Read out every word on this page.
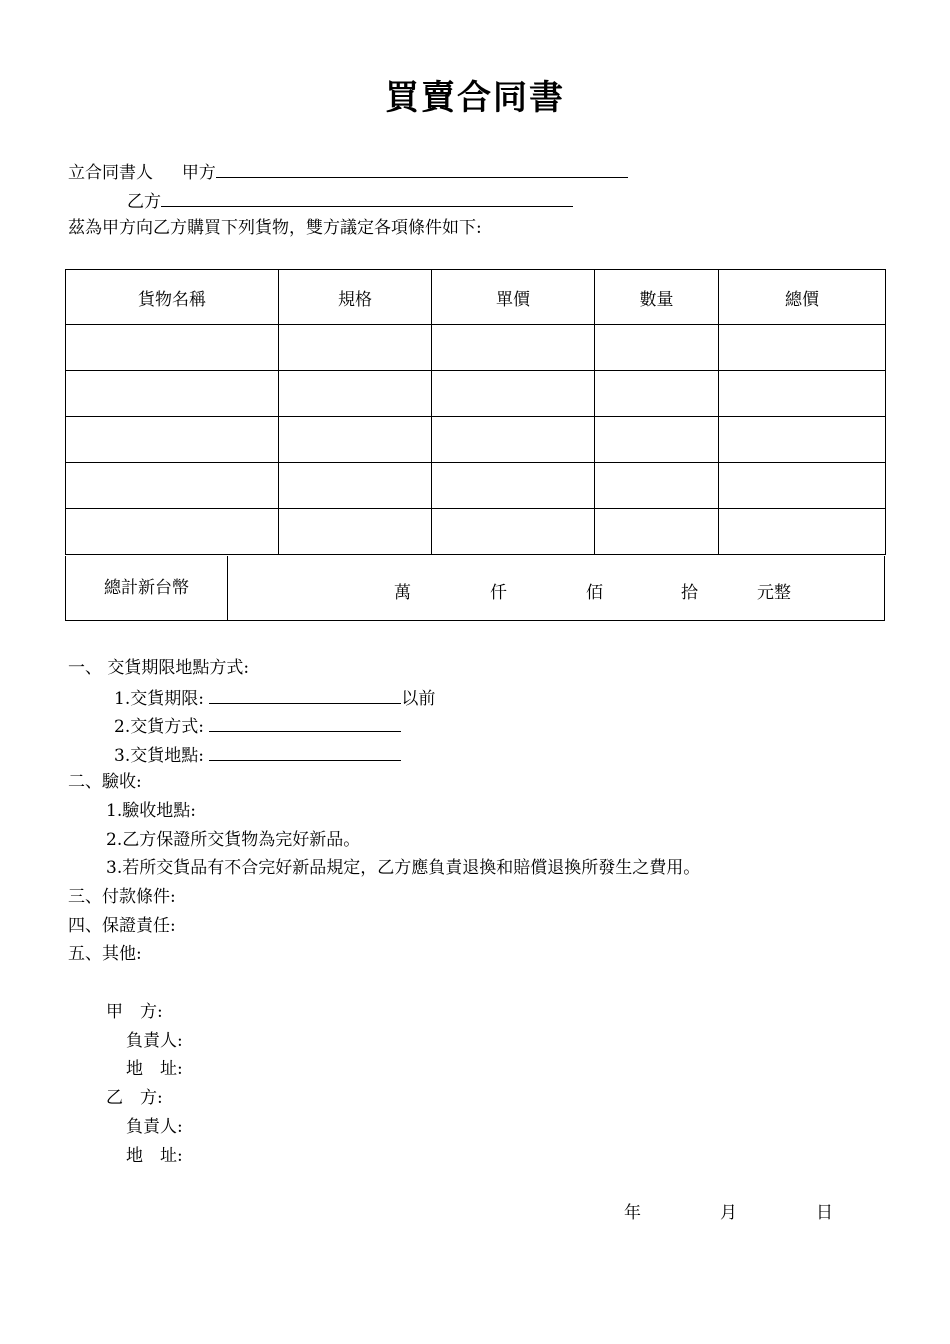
買賣合同書
立合同書人 甲方
乙方
茲為甲方向乙方購買下列貨物，雙方議定各項條件如下:
貨物名稱	規格	單價	數量	總價

總計新台幣	萬	仟	佰	拾	元整
一、 交貨期限地點方式:
1.交貨期限:	以前
2.交貨方式:
3.交貨地點:
二、驗收:
1.驗收地點:
2.乙方保證所交貨物為完好新品。
3.若所交貨品有不合完好新品規定，乙方應負責退換和賠償退換所發生之費用。
三、付款條件:
四、保證責任:
五、其他:
甲　方:
負責人:
地　址:
乙　方:
負責人:
地　址:
年	月	日
